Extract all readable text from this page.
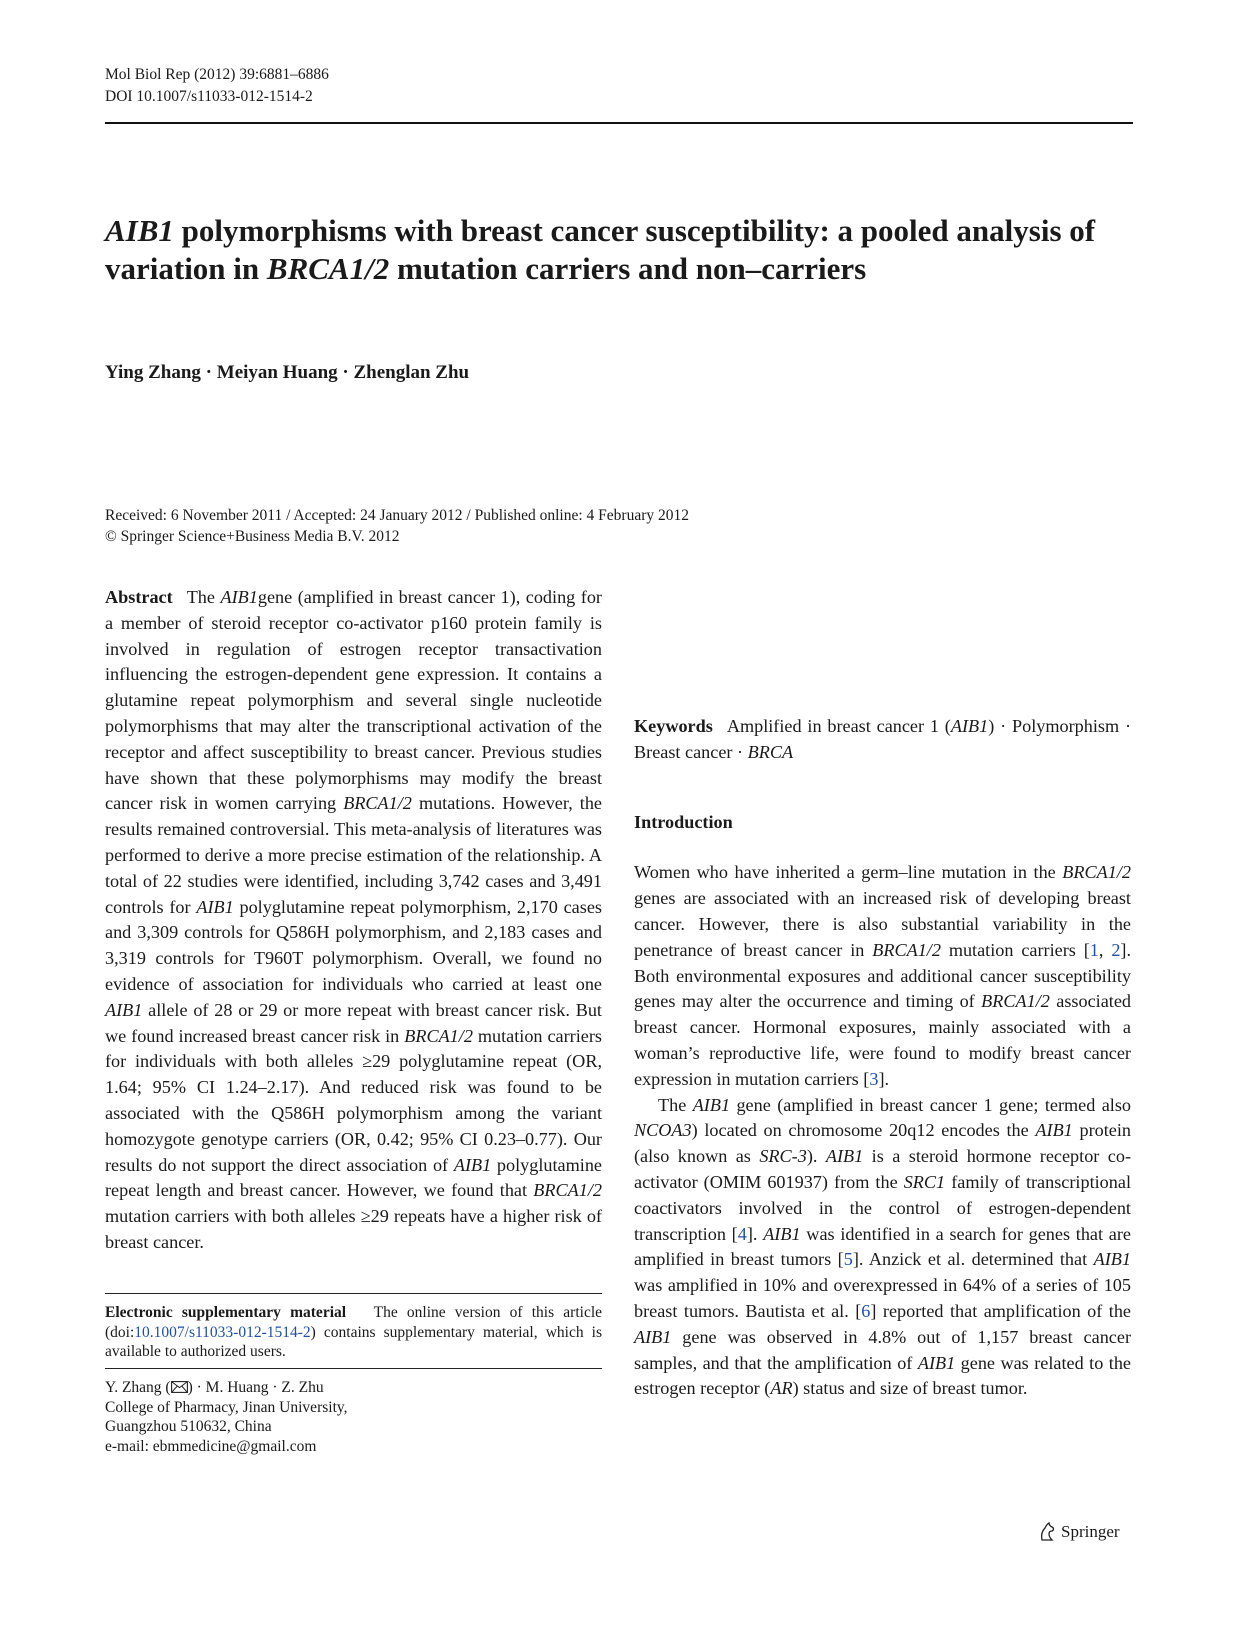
Mol Biol Rep (2012) 39:6881–6886
DOI 10.1007/s11033-012-1514-2
AIB1 polymorphisms with breast cancer susceptibility: a pooled analysis of variation in BRCA1/2 mutation carriers and non–carriers
Ying Zhang · Meiyan Huang · Zhenglan Zhu
Received: 6 November 2011 / Accepted: 24 January 2012 / Published online: 4 February 2012
© Springer Science+Business Media B.V. 2012

Abstract The AIB1gene (amplified in breast cancer 1), coding for a member of steroid receptor co-activator p160 protein family is involved in regulation of estrogen receptor transactivation influencing the estrogen-dependent gene expression. It contains a glutamine repeat polymorphism and several single nucleotide polymorphisms that may alter the transcriptional activation of the receptor and affect susceptibility to breast cancer. Previous studies have shown that these polymorphisms may modify the breast cancer risk in women carrying BRCA1/2 mutations. However, the results remained controversial. This meta-analysis of literatures was performed to derive a more precise estimation of the relationship. A total of 22 studies were identified, including 3,742 cases and 3,491 controls for AIB1 polyglutamine repeat polymorphism, 2,170 cases and 3,309 controls for Q586H polymorphism, and 2,183 cases and 3,319 controls for T960T polymorphism. Overall, we found no evidence of association for individuals who carried at least one AIB1 allele of 28 or 29 or more repeat with breast cancer risk. But we found increased breast cancer risk in BRCA1/2 mutation carriers for individuals with both alleles ≥29 polyglutamine repeat (OR, 1.64; 95% CI 1.24–2.17). And reduced risk was found to be associated with the Q586H polymorphism among the variant homozygote genotype carriers (OR, 0.42; 95% CI 0.23–0.77). Our results do not support the direct association of AIB1 polyglutamine repeat length and breast cancer. However, we found that BRCA1/2 mutation carriers with both alleles ≥29 repeats have a higher risk of breast cancer.

Keywords Amplified in breast cancer 1 (AIB1) · Polymorphism · Breast cancer · BRCA

Introduction

Women who have inherited a germ–line mutation in the BRCA1/2 genes are associated with an increased risk of developing breast cancer. However, there is also substantial variability in the penetrance of breast cancer in BRCA1/2 mutation carriers [1, 2]. Both environmental exposures and additional cancer susceptibility genes may alter the occurrence and timing of BRCA1/2 associated breast cancer. Hormonal exposures, mainly associated with a woman’s reproductive life, were found to modify breast cancer expression in mutation carriers [3].

The AIB1 gene (amplified in breast cancer 1 gene; termed also NCOA3) located on chromosome 20q12 encodes the AIB1 protein (also known as SRC-3). AIB1 is a steroid hormone receptor co-activator (OMIM 601937) from the SRC1 family of transcriptional coactivators involved in the control of estrogen-dependent transcription [4]. AIB1 was identified in a search for genes that are amplified in breast tumors [5]. Anzick et al. determined that AIB1 was amplified in 10% and overexpressed in 64% of a series of 105 breast tumors. Bautista et al. [6] reported that amplification of the AIB1 gene was observed in 4.8% out of 1,157 breast cancer samples, and that the amplification of AIB1 gene was related to the estrogen receptor (AR) status and size of breast tumor.

Electronic supplementary material The online version of this article (doi:10.1007/s11033-012-1514-2) contains supplementary material, which is available to authorized users.

Y. Zhang ( ) · M. Huang · Z. Zhu

College of Pharmacy, Jinan University,

Guangzhou 510632, China

e-mail: ebmmedicine@gmail.com

Springer
